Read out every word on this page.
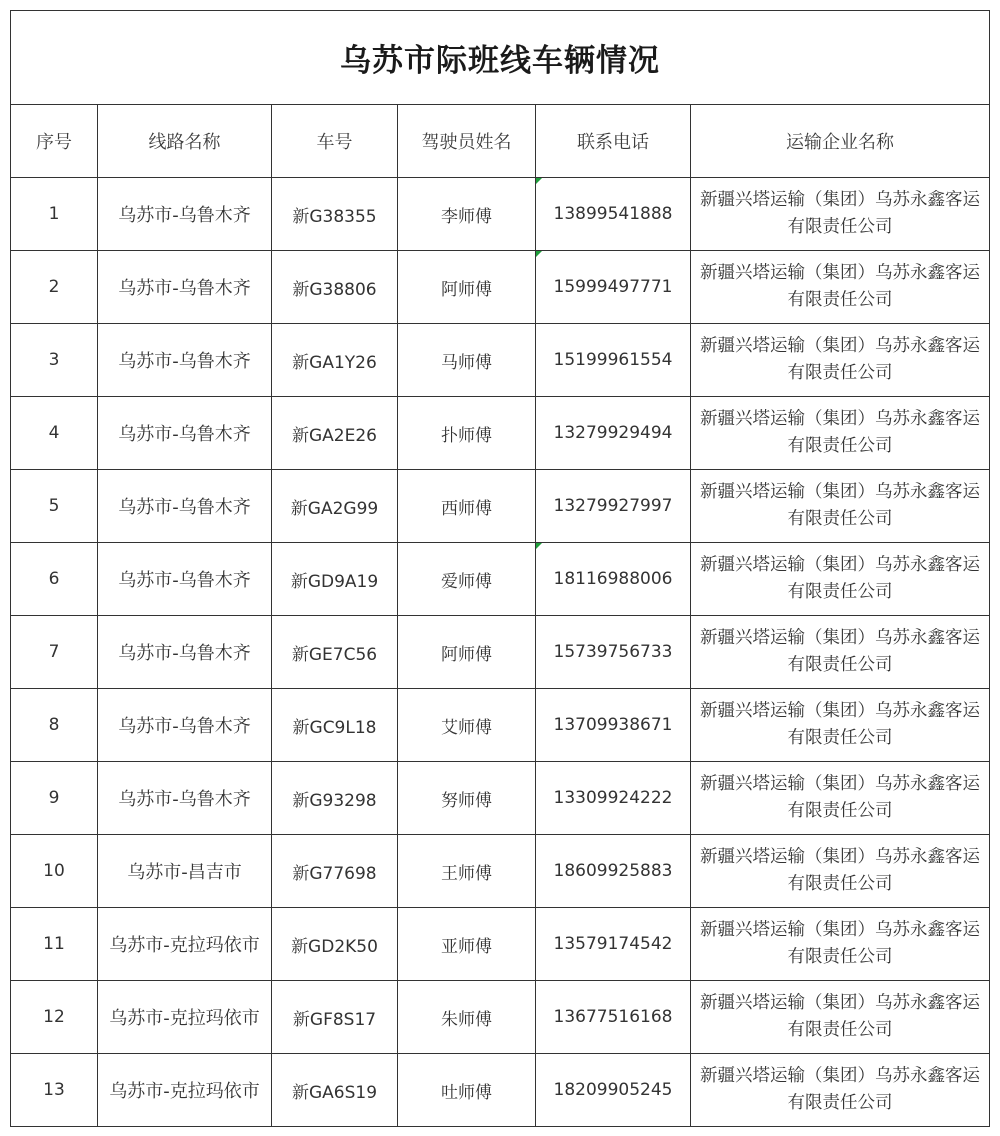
乌苏市际班线车辆情况					
序号	线路名称	车号	驾驶员姓名	联系电话	运输企业名称
1	乌苏市-乌鲁木齐	新G38355	李师傅	13899541888	新疆兴塔运输（集团）乌苏永鑫客运有限责任公司
2	乌苏市-乌鲁木齐	新G38806	阿师傅	15999497771	新疆兴塔运输（集团）乌苏永鑫客运有限责任公司
3	乌苏市-乌鲁木齐	新GA1Y26	马师傅	15199961554	新疆兴塔运输（集团）乌苏永鑫客运有限责任公司
4	乌苏市-乌鲁木齐	新GA2E26	扑师傅	13279929494	新疆兴塔运输（集团）乌苏永鑫客运有限责任公司
5	乌苏市-乌鲁木齐	新GA2G99	西师傅	13279927997	新疆兴塔运输（集团）乌苏永鑫客运有限责任公司
6	乌苏市-乌鲁木齐	新GD9A19	爱师傅	18116988006	新疆兴塔运输（集团）乌苏永鑫客运有限责任公司
7	乌苏市-乌鲁木齐	新GE7C56	阿师傅	15739756733	新疆兴塔运输（集团）乌苏永鑫客运有限责任公司
8	乌苏市-乌鲁木齐	新GC9L18	艾师傅	13709938671	新疆兴塔运输（集团）乌苏永鑫客运有限责任公司
9	乌苏市-乌鲁木齐	新G93298	努师傅	13309924222	新疆兴塔运输（集团）乌苏永鑫客运有限责任公司
10	乌苏市-昌吉市	新G77698	王师傅	18609925883	新疆兴塔运输（集团）乌苏永鑫客运有限责任公司
11	乌苏市-克拉玛依市	新GD2K50	亚师傅	13579174542	新疆兴塔运输（集团）乌苏永鑫客运有限责任公司
12	乌苏市-克拉玛依市	新GF8S17	朱师傅	13677516168	新疆兴塔运输（集团）乌苏永鑫客运有限责任公司
13	乌苏市-克拉玛依市	新GA6S19	吐师傅	18209905245	新疆兴塔运输（集团）乌苏永鑫客运有限责任公司
